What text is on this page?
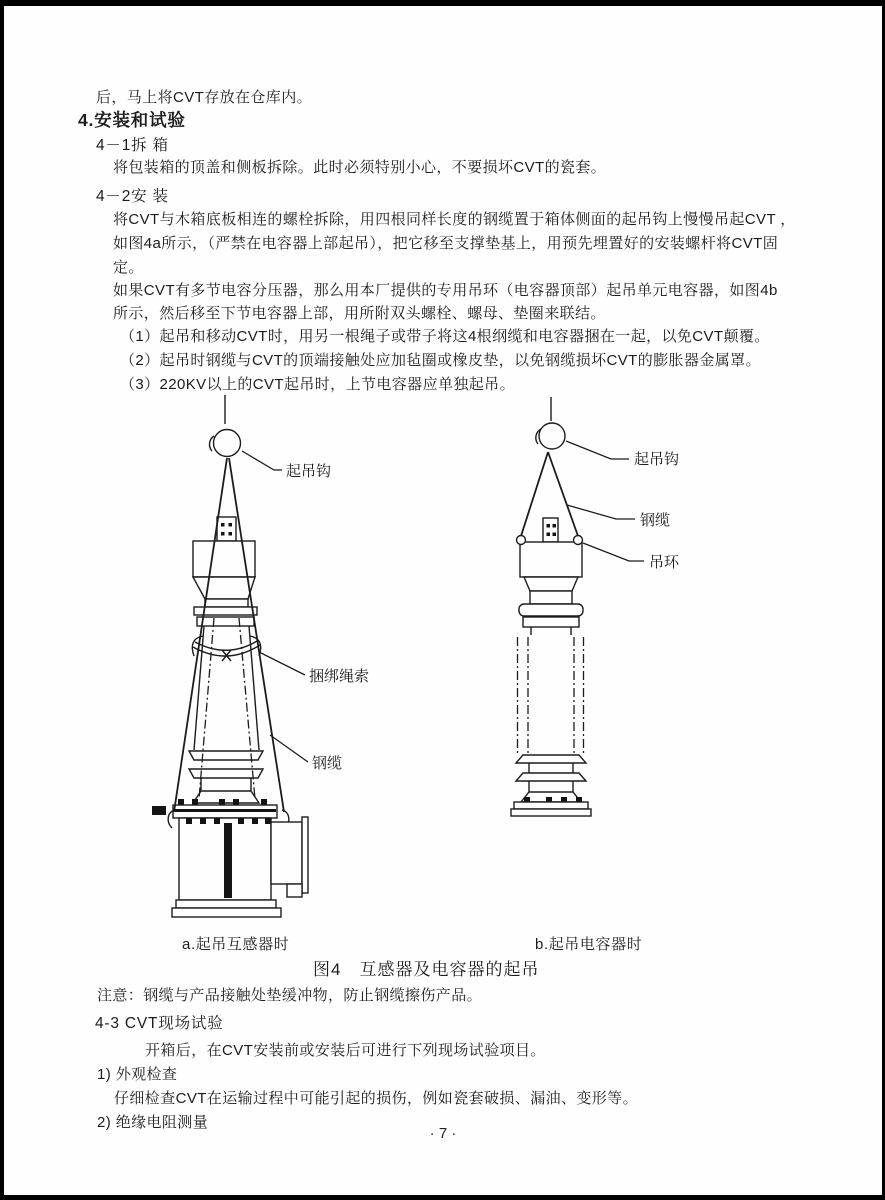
后，马上将CVT存放在仓库内。
4.安装和试验
4－1拆 箱
将包装箱的顶盖和侧板拆除。此时必须特别小心，不要损坏CVT的瓷套。
4－2安 装
将CVT与木箱底板相连的螺栓拆除，用四根同样长度的钢缆置于箱体侧面的起吊钩上慢慢吊起CVT ，
如图4a所示，（严禁在电容器上部起吊），把它移至支撑垫基上，用预先埋置好的安装螺杆将CVT固
定。
如果CVT有多节电容分压器，那么用本厂提供的专用吊环（电容器顶部）起吊单元电容器，如图4b
所示，然后移至下节电容器上部，用所附双头螺栓、螺母、垫圈来联结。
（1）起吊和移动CVT时，用另一根绳子或带子将这4根纲缆和电容器捆在一起，以免CVT颠覆。
（2）起吊时钢缆与CVT的顶端接触处应加毡圈或橡皮垫，以免钢缆损坏CVT的膨胀器金属罩。
（3）220KV以上的CVT起吊时，上节电容器应单独起吊。
起吊钩
捆绑绳索
钢缆
起吊钩
钢缆
吊环
a.起吊互感器时	b.起吊电容器时
图4　互感器及电容器的起吊
注意：钢缆与产品接触处垫缓冲物，防止钢缆擦伤产品。
4-3 CVT现场试验
开箱后，在CVT安装前或安装后可进行下列现场试验项目。
1) 外观检查
仔细检查CVT在运输过程中可能引起的损伤，例如瓷套破损、漏油、变形等。
2) 绝缘电阻测量
· 7 ·
